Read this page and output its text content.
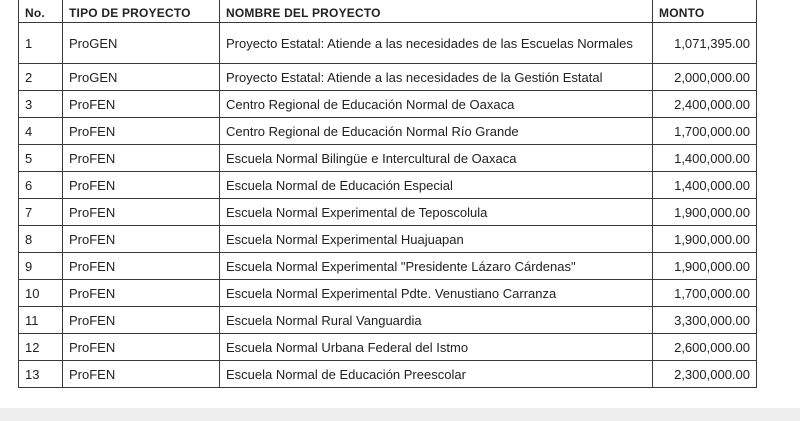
No.	TIPO DE PROYECTO	NOMBRE DEL PROYECTO	MONTO
1	ProGEN	Proyecto Estatal: Atiende a las necesidades de las Escuelas Normales	1,071,395.00
2	ProGEN	Proyecto Estatal: Atiende a las necesidades de la Gestión Estatal	2,000,000.00
3	ProFEN	Centro Regional de Educación Normal de Oaxaca	2,400,000.00
4	ProFEN	Centro Regional de Educación Normal Río Grande	1,700,000.00
5	ProFEN	Escuela Normal Bilingüe e Intercultural de Oaxaca	1,400,000.00
6	ProFEN	Escuela Normal de Educación Especial	1,400,000.00
7	ProFEN	Escuela Normal Experimental de Teposcolula	1,900,000.00
8	ProFEN	Escuela Normal Experimental Huajuapan	1,900,000.00
9	ProFEN	Escuela Normal Experimental "Presidente Lázaro Cárdenas"	1,900,000.00
10	ProFEN	Escuela Normal Experimental Pdte. Venustiano Carranza	1,700,000.00
11	ProFEN	Escuela Normal Rural Vanguardia	3,300,000.00
12	ProFEN	Escuela Normal Urbana Federal del Istmo	2,600,000.00
13	ProFEN	Escuela Normal de Educación Preescolar	2,300,000.00
